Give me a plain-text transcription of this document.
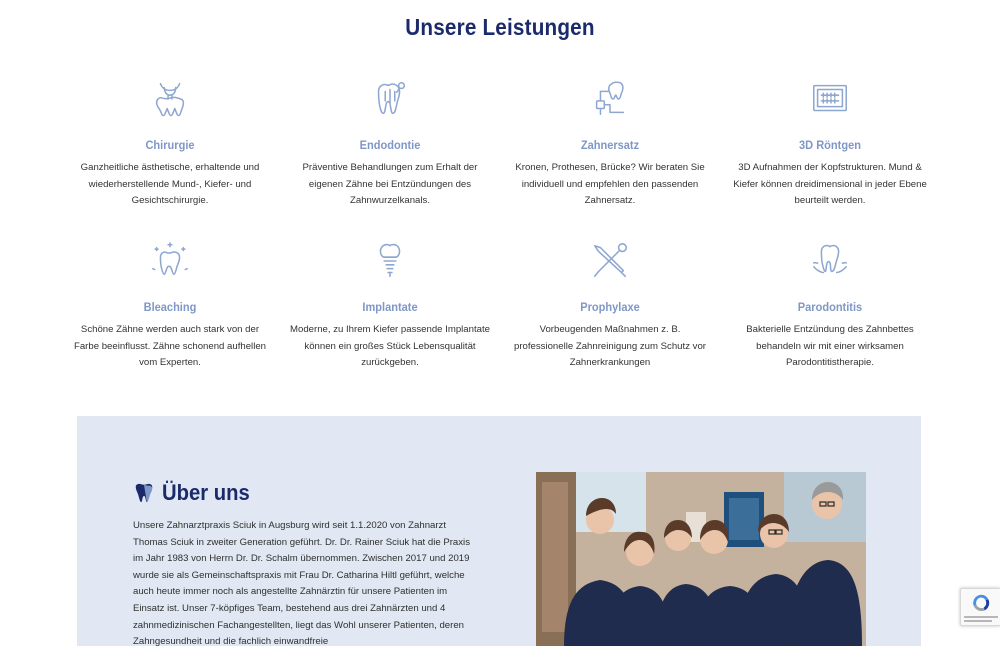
Unsere Leistungen
Chirurgie

Ganzheitliche ästhetische, erhaltende und wiederherstellende Mund-, Kiefer- und Gesichtschirurgie.

Endodontie

Präventive Behandlungen zum Erhalt der eigenen Zähne bei Entzündungen des Zahnwurzelkanals.

Zahnersatz

Kronen, Prothesen, Brücke? Wir beraten Sie individuell und empfehlen den passenden Zahnersatz.

3D Röntgen

3D Aufnahmen der Kopfstrukturen. Mund & Kiefer können dreidimensional in jeder Ebene beurteilt werden.

Bleaching

Schöne Zähne werden auch stark von der Farbe beeinflusst. Zähne schonend aufhellen vom Experten.

Implantate

Moderne, zu Ihrem Kiefer passende Implantate können ein großes Stück Lebensqualität zurückgeben.

Prophylaxe

Vorbeugenden Maßnahmen z. B. professionelle Zahnreinigung zum Schutz vor Zahnerkrankungen

Parodontitis

Bakterielle Entzündung des Zahnbettes behandeln wir mit einer wirksamen Parodontitistherapie.

Über uns

Unsere Zahnarztpraxis Sciuk in Augsburg wird seit 1.1.2020 von Zahnarzt Thomas Sciuk in zweiter Generation geführt. Dr. Dr. Rainer Sciuk hat die Praxis im Jahr 1983 von Herrn Dr. Dr. Schalm übernommen. Zwischen 2017 und 2019 wurde sie als Gemeinschaftspraxis mit Frau Dr. Catharina Hiltl geführt, welche auch heute immer noch als angestellte Zahnärztin für unsere Patienten im Einsatz ist. Unser 7-köpfiges Team, bestehend aus drei Zahnärzten und 4 zahnmedizinischen Fachangestellten, liegt das Wohl unserer Patienten, deren Zahngesundheit und die fachlich einwandfreie
